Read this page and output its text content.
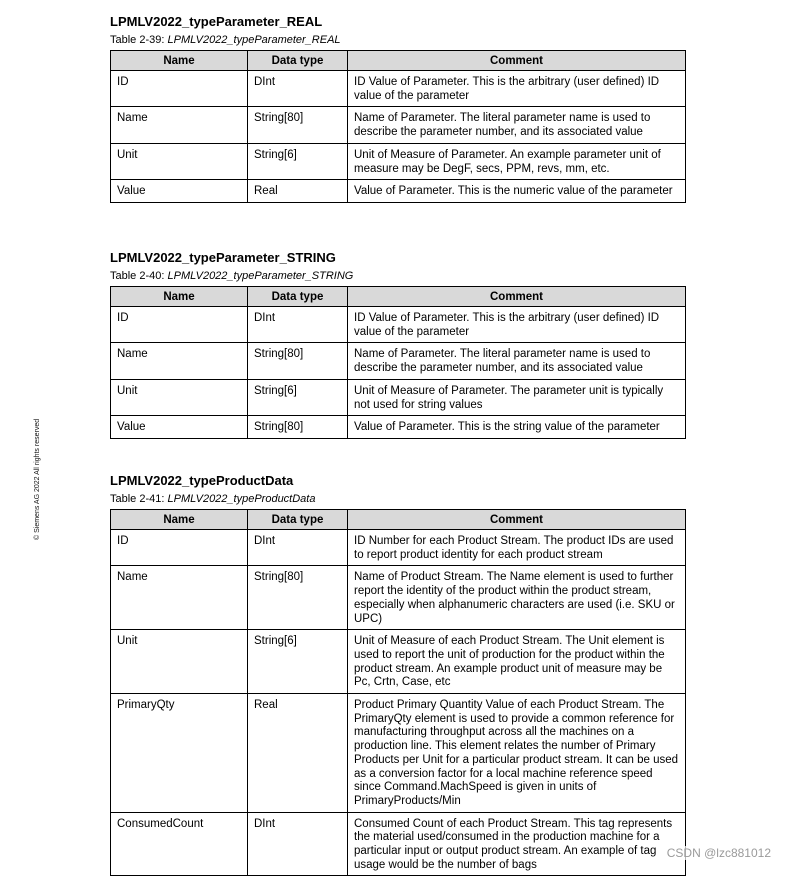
© Siemens AG 2022 All rights reserved
LPMLV2022_typeParameter_REAL
Table 2-39: LPMLV2022_typeParameter_REAL
Name	Data type	Comment
ID	DInt	ID Value of Parameter. This is the arbitrary (user defined) ID value of the parameter
Name	String[80]	Name of Parameter. The literal parameter name is used to describe the parameter number, and its associated value
Unit	String[6]	Unit of Measure of Parameter. An example parameter unit of measure may be DegF, secs, PPM, revs, mm, etc.
Value	Real	Value of Parameter. This is the numeric value of the parameter
LPMLV2022_typeParameter_STRING
Table 2-40: LPMLV2022_typeParameter_STRING
Name	Data type	Comment
ID	DInt	ID Value of Parameter. This is the arbitrary (user defined) ID value of the parameter
Name	String[80]	Name of Parameter. The literal parameter name is used to describe the parameter number, and its associated value
Unit	String[6]	Unit of Measure of Parameter. The parameter unit is typically not used for string values
Value	String[80]	Value of Parameter. This is the string value of the parameter
LPMLV2022_typeProductData
Table 2-41: LPMLV2022_typeProductData
Name	Data type	Comment
ID	DInt	ID Number for each Product Stream. The product IDs are used to report product identity for each product stream
Name	String[80]	Name of Product Stream. The Name element is used to further report the identity of the product within the product stream, especially when alphanumeric characters are used (i.e. SKU or UPC)
Unit	String[6]	Unit of Measure of each Product Stream. The Unit element is used to report the unit of production for the product within the product stream. An example product unit of measure may be Pc, Crtn, Case, etc
PrimaryQty	Real	Product Primary Quantity Value of each Product Stream. The PrimaryQty element is used to provide a common reference for manufacturing throughput across all the machines on a production line. This element relates the number of Primary Products per Unit for a particular product stream. It can be used as a conversion factor for a local machine reference speed since Command.MachSpeed is given in units of PrimaryProducts/Min
ConsumedCount	DInt	Consumed Count of each Product Stream. This tag represents the material used/consumed in the production machine for a particular input or output product stream. An example of tag usage would be the number of bags
CSDN @lzc881012
